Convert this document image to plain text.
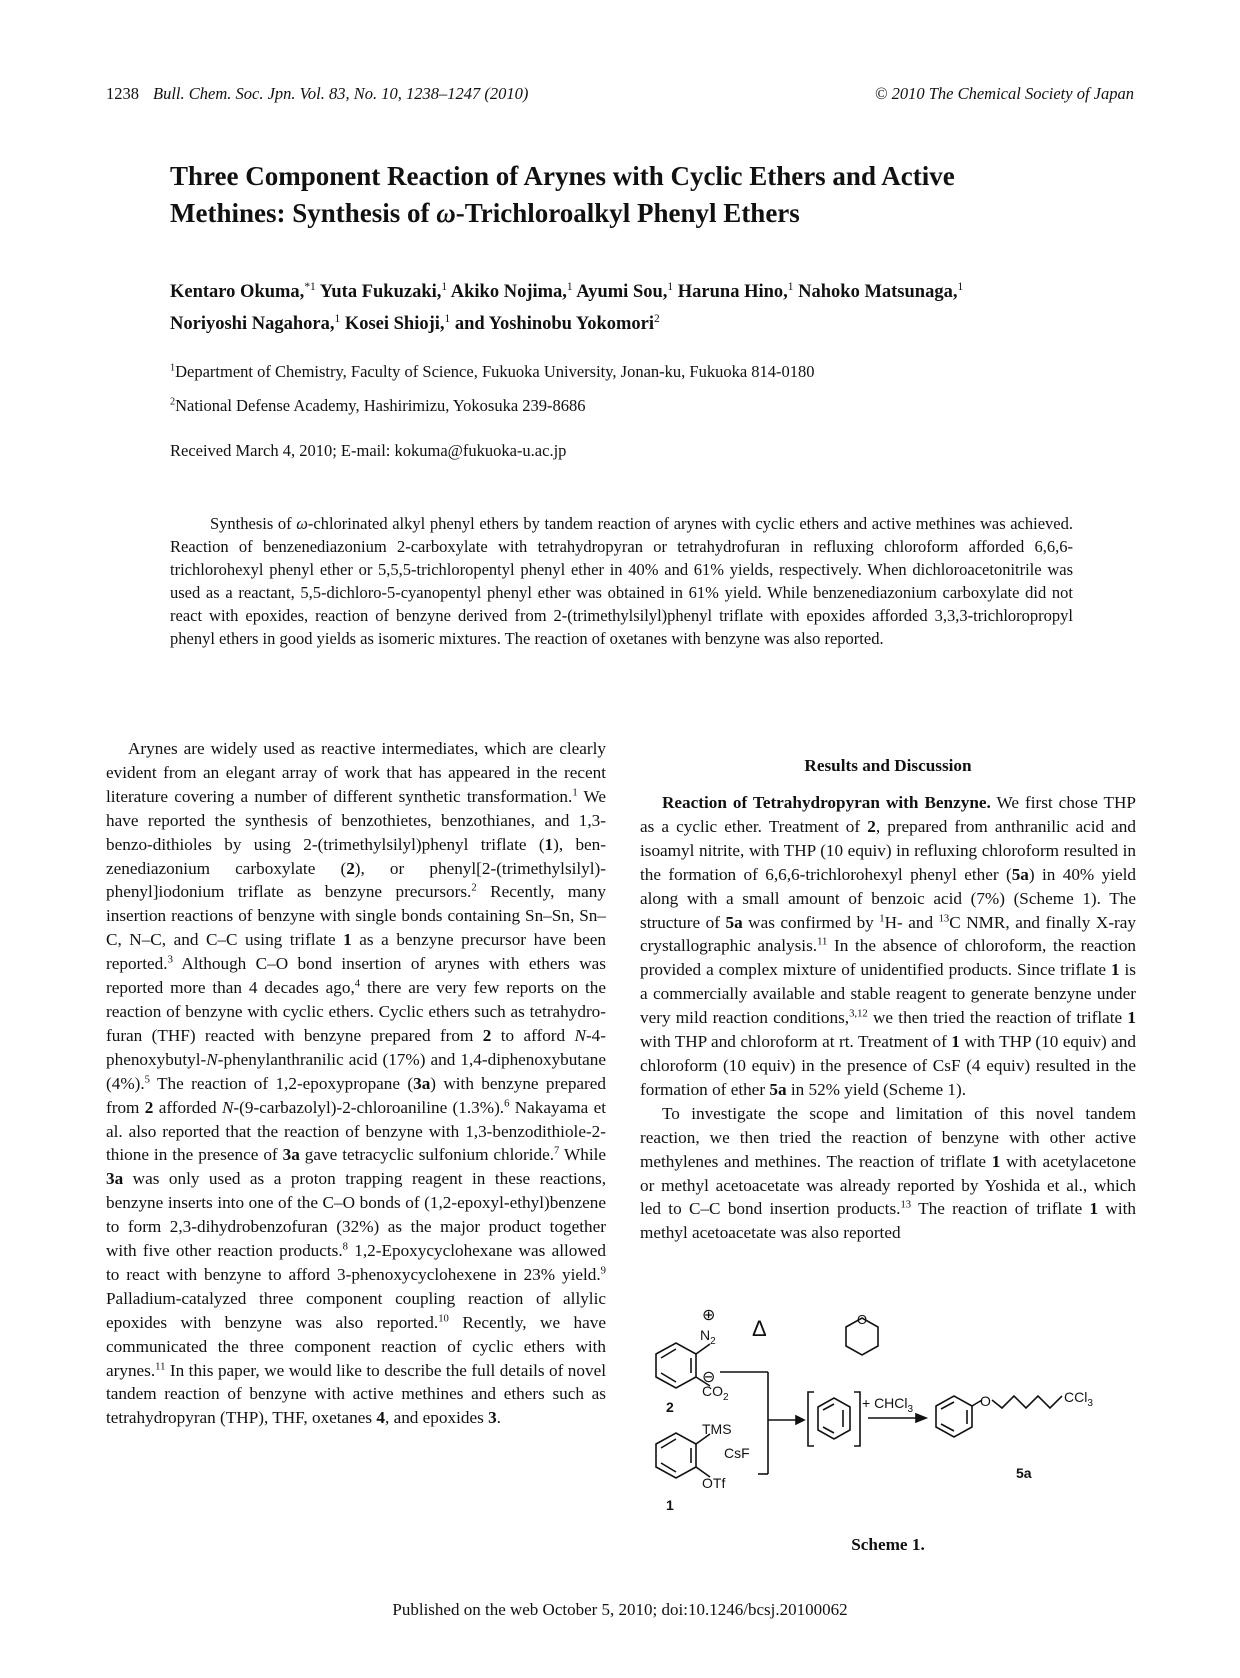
1238 Bull. Chem. Soc. Jpn. Vol. 83, No. 10, 1238–1247 (2010)	© 2010 The Chemical Society of Japan
Three Component Reaction of Arynes with Cyclic Ethers and Active
Methines: Synthesis of ω-Trichloroalkyl Phenyl Ethers
Kentaro Okuma,$^{*1}$ Yuta Fukuzaki,$^1$ Akiko Nojima,$^1$ Ayumi Sou,$^1$ Haruna Hino,$^1$ Nahoko Matsunaga,$^1$
Noriyoshi Nagahora,$^1$ Kosei Shioji,$^1$ and Yoshinobu Yokomori$^2$
$^1$Department of Chemistry, Faculty of Science, Fukuoka University, Jonan-ku, Fukuoka 814-0180
$^2$National Defense Academy, Hashirimizu, Yokosuka 239-8686
Received March 4, 2010; E-mail: kokuma@fukuoka-u.ac.jp
Synthesis of ω-chlorinated alkyl phenyl ethers by tandem reaction of arynes with cyclic ethers and active methines was achieved. Reaction of benzenediazonium 2-carboxylate with tetrahydropyran or tetrahydrofuran in refluxing chloroform afforded 6,6,6-trichlorohexyl phenyl ether or 5,5,5-trichloropentyl phenyl ether in 40% and 61% yields, respectively. When dichloroacetonitrile was used as a reactant, 5,5-dichloro-5-cyanopentyl phenyl ether was obtained in 61% yield. While benzenediazonium carboxylate did not react with epoxides, reaction of benzyne derived from 2-(trimethylsilyl)phenyl triflate with epoxides afforded 3,3,3-trichloropropyl phenyl ethers in good yields as isomeric mixtures. The reaction of oxetanes with benzyne was also reported.

Arynes are widely used as reactive intermediates, which are clearly evident from an elegant array of work that has appeared in the recent literature covering a number of different synthetic transformation.$^1$ We have reported the synthesis of benzothietes, benzothianes, and 1,3-benzo-dithioles by using 2-(trimethylsilyl)phenyl triflate (1), ben-zenediazonium carboxylate (2), or phenyl[2-(trimethylsilyl)-phenyl]iodonium triflate as benzyne precursors.$^2$ Recently, many insertion reactions of benzyne with single bonds containing Sn–Sn, Sn–C, N–C, and C–C using triflate 1 as a benzyne precursor have been reported.$^3$ Although C–O bond insertion of arynes with ethers was reported more than 4 decades ago,$^4$ there are very few reports on the reaction of benzyne with cyclic ethers. Cyclic ethers such as tetrahydro-furan (THF) reacted with benzyne prepared from 2 to afford N-4-phenoxybutyl-N-phenylanthranilic acid (17%) and 1,4-diphenoxybutane (4%).$^5$ The reaction of 1,2-epoxypropane (3a) with benzyne prepared from 2 afforded N-(9-carbazolyl)-2-chloroaniline (1.3%).$^6$ Nakayama et al. also reported that the reaction of benzyne with 1,3-benzodithiole-2-thione in the presence of 3a gave tetracyclic sulfonium chloride.$^7$ While 3a was only used as a proton trapping reagent in these reactions, benzyne inserts into one of the C–O bonds of (1,2-epoxyl-ethyl)benzene to form 2,3-dihydrobenzofuran (32%) as the major product together with five other reaction products.$^8$ 1,2-Epoxycyclohexane was allowed to react with benzyne to afford 3-phenoxycyclohexene in 23% yield.$^9$ Palladium-catalyzed three component coupling reaction of allylic epoxides with benzyne was also reported.$^{10}$ Recently, we have communicated the three component reaction of cyclic ethers with arynes.$^{11}$ In this paper, we would like to describe the full details of novel tandem reaction of benzyne with active methines and ethers such as tetrahydropyran (THP), THF, oxetanes 4, and epoxides 3.

Results and Discussion

Reaction of Tetrahydropyran with Benzyne. We first chose THP as a cyclic ether. Treatment of 2, prepared from anthranilic acid and isoamyl nitrite, with THP (10 equiv) in refluxing chloroform resulted in the formation of 6,6,6-trichlorohexyl phenyl ether (5a) in 40% yield along with a small amount of benzoic acid (7%) (Scheme 1). The structure of 5a was confirmed by $^1$H- and $^{13}$C NMR, and finally X-ray crystallographic analysis.$^{11}$ In the absence of chloroform, the reaction provided a complex mixture of unidentified products. Since triflate 1 is a commercially available and stable reagent to generate benzyne under very mild reaction conditions,$^{3,12}$ we then tried the reaction of triflate 1 with THP and chloroform at rt. Treatment of 1 with THP (10 equiv) and chloroform (10 equiv) in the presence of CsF (4 equiv) resulted in the formation of ether 5a in 52% yield (Scheme 1).

To investigate the scope and limitation of this novel tandem reaction, we then tried the reaction of benzyne with other active methylenes and methines. The reaction of triflate 1 with acetylacetone or methyl acetoacetate was already reported by Yoshida et al., which led to C–C bond insertion products.$^{13}$ The reaction of triflate 1 with methyl acetoacetate was also reported

⊕
$N_2$
Δ
⊖
$CO_2$
2
TMS
CsF
OTf
1
O
+ CHCl$_3$
O	CCl$_3$
5a
Scheme 1.
Published on the web October 5, 2010; doi:10.1246/bcsj.20100062
